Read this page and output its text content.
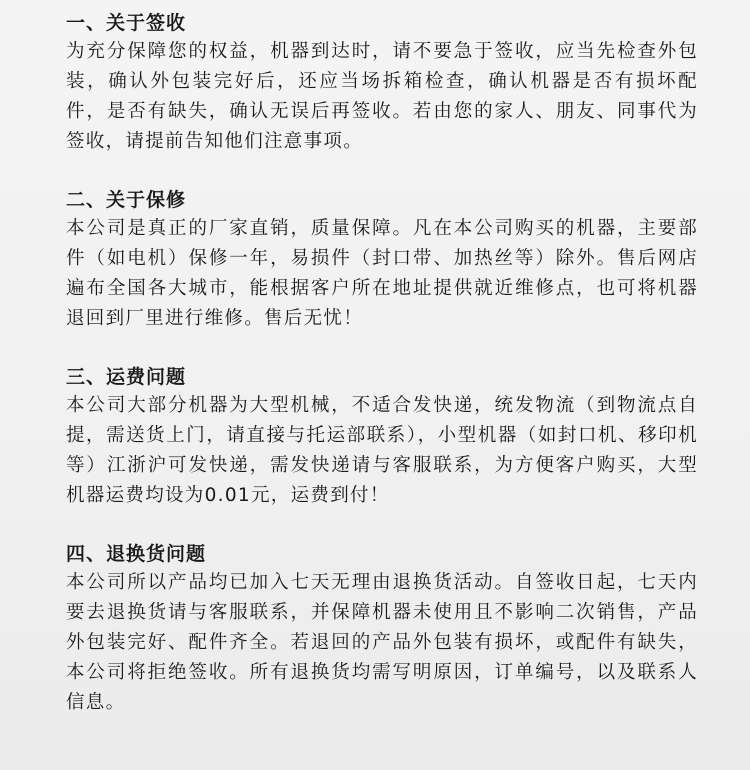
一、关于签收

为充分保障您的权益，机器到达时，请不要急于签收，应当先检查外包装，确认外包装完好后，还应当场拆箱检查，确认机器是否有损坏配件，是否有缺失，确认无误后再签收。若由您的家人、朋友、同事代为签收，请提前告知他们注意事项。

二、关于保修

本公司是真正的厂家直销，质量保障。凡在本公司购买的机器，主要部件（如电机）保修一年，易损件（封口带、加热丝等）除外。售后网店遍布全国各大城市，能根据客户所在地址提供就近维修点，也可将机器退回到厂里进行维修。售后无忧！

三、运费问题

本公司大部分机器为大型机械，不适合发快递，统发物流（到物流点自提，需送货上门，请直接与托运部联系），小型机器（如封口机、移印机等）江浙沪可发快递，需发快递请与客服联系，为方便客户购买，大型机器运费均设为0.01元，运费到付！

四、退换货问题

本公司所以产品均已加入七天无理由退换货活动。自签收日起，七天内要去退换货请与客服联系，并保障机器未使用且不影响二次销售，产品外包装完好、配件齐全。若退回的产品外包装有损坏，或配件有缺失，本公司将拒绝签收。所有退换货均需写明原因，订单编号，以及联系人信息。
